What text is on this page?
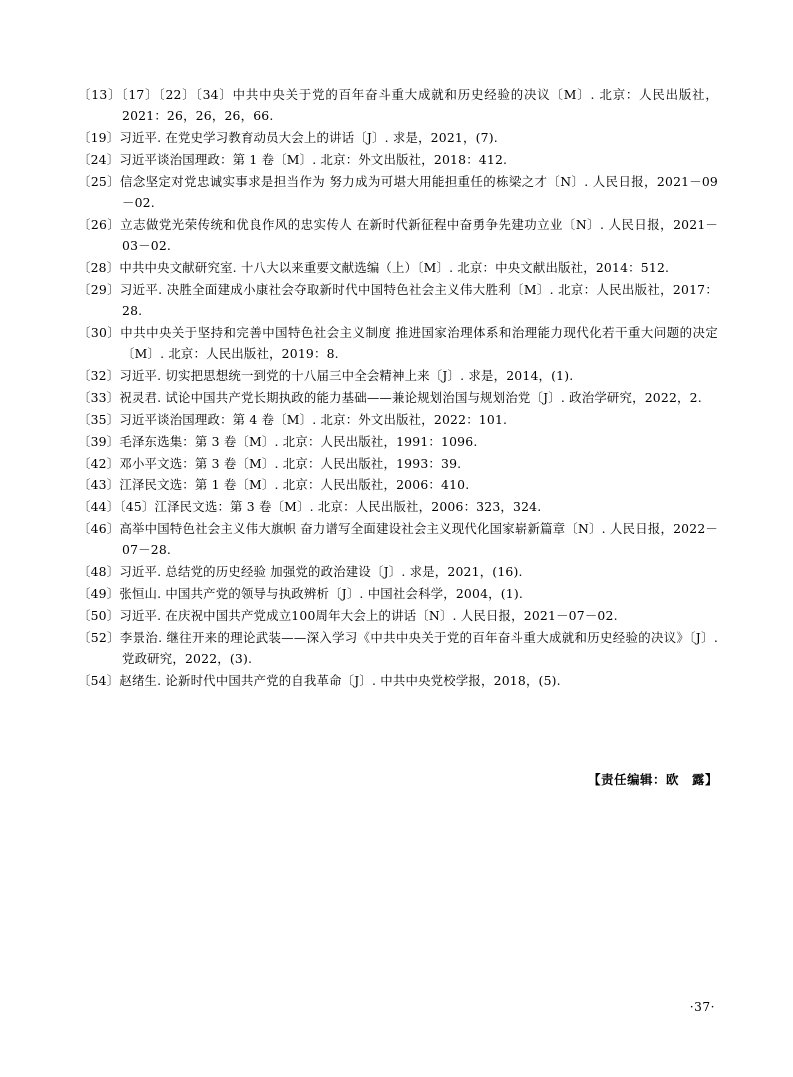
〔13〕〔17〕〔22〕〔34〕中共中央关于党的百年奋斗重大成就和历史经验的决议〔M〕. 北京：人民出版社，2021：26，26，26，66.

〔19〕习近平. 在党史学习教育动员大会上的讲话〔J〕. 求是，2021，(7).

〔24〕习近平谈治国理政：第 1 卷〔M〕. 北京：外文出版社，2018：412.

〔25〕信念坚定对党忠诚实事求是担当作为 努力成为可堪大用能担重任的栋梁之才〔N〕. 人民日报，2021－09－02.

〔26〕立志做党光荣传统和优良作风的忠实传人 在新时代新征程中奋勇争先建功立业〔N〕. 人民日报，2021－03－02.

〔28〕中共中央文献研究室. 十八大以来重要文献选编（上）〔M〕. 北京：中央文献出版社，2014：512.

〔29〕习近平. 决胜全面建成小康社会夺取新时代中国特色社会主义伟大胜利〔M〕. 北京：人民出版社，2017：28.

〔30〕中共中央关于坚持和完善中国特色社会主义制度 推进国家治理体系和治理能力现代化若干重大问题的决定〔M〕. 北京：人民出版社，2019：8.

〔32〕习近平. 切实把思想统一到党的十八届三中全会精神上来〔J〕. 求是，2014，(1).

〔33〕祝灵君. 试论中国共产党长期执政的能力基础——兼论规划治国与规划治党〔J〕. 政治学研究，2022，2.

〔35〕习近平谈治国理政：第 4 卷〔M〕. 北京：外文出版社，2022：101.

〔39〕毛泽东选集：第 3 卷〔M〕. 北京：人民出版社，1991：1096.

〔42〕邓小平文选：第 3 卷〔M〕. 北京：人民出版社，1993：39.

〔43〕江泽民文选：第 1 卷〔M〕. 北京：人民出版社，2006：410.

〔44〕〔45〕江泽民文选：第 3 卷〔M〕. 北京：人民出版社，2006：323，324.

〔46〕高举中国特色社会主义伟大旗帜 奋力谱写全面建设社会主义现代化国家崭新篇章〔N〕. 人民日报，2022－07－28.

〔48〕习近平. 总结党的历史经验 加强党的政治建设〔J〕. 求是，2021，(16).

〔49〕张恒山. 中国共产党的领导与执政辨析〔J〕. 中国社会科学，2004，(1).

〔50〕习近平. 在庆祝中国共产党成立100周年大会上的讲话〔N〕. 人民日报，2021－07－02.

〔52〕李景治. 继往开来的理论武装——深入学习《中共中央关于党的百年奋斗重大成就和历史经验的决议》〔J〕. 党政研究，2022，(3).

〔54〕赵绪生. 论新时代中国共产党的自我革命〔J〕. 中共中央党校学报，2018，(5).

【责任编辑：欧　露】
·37·
